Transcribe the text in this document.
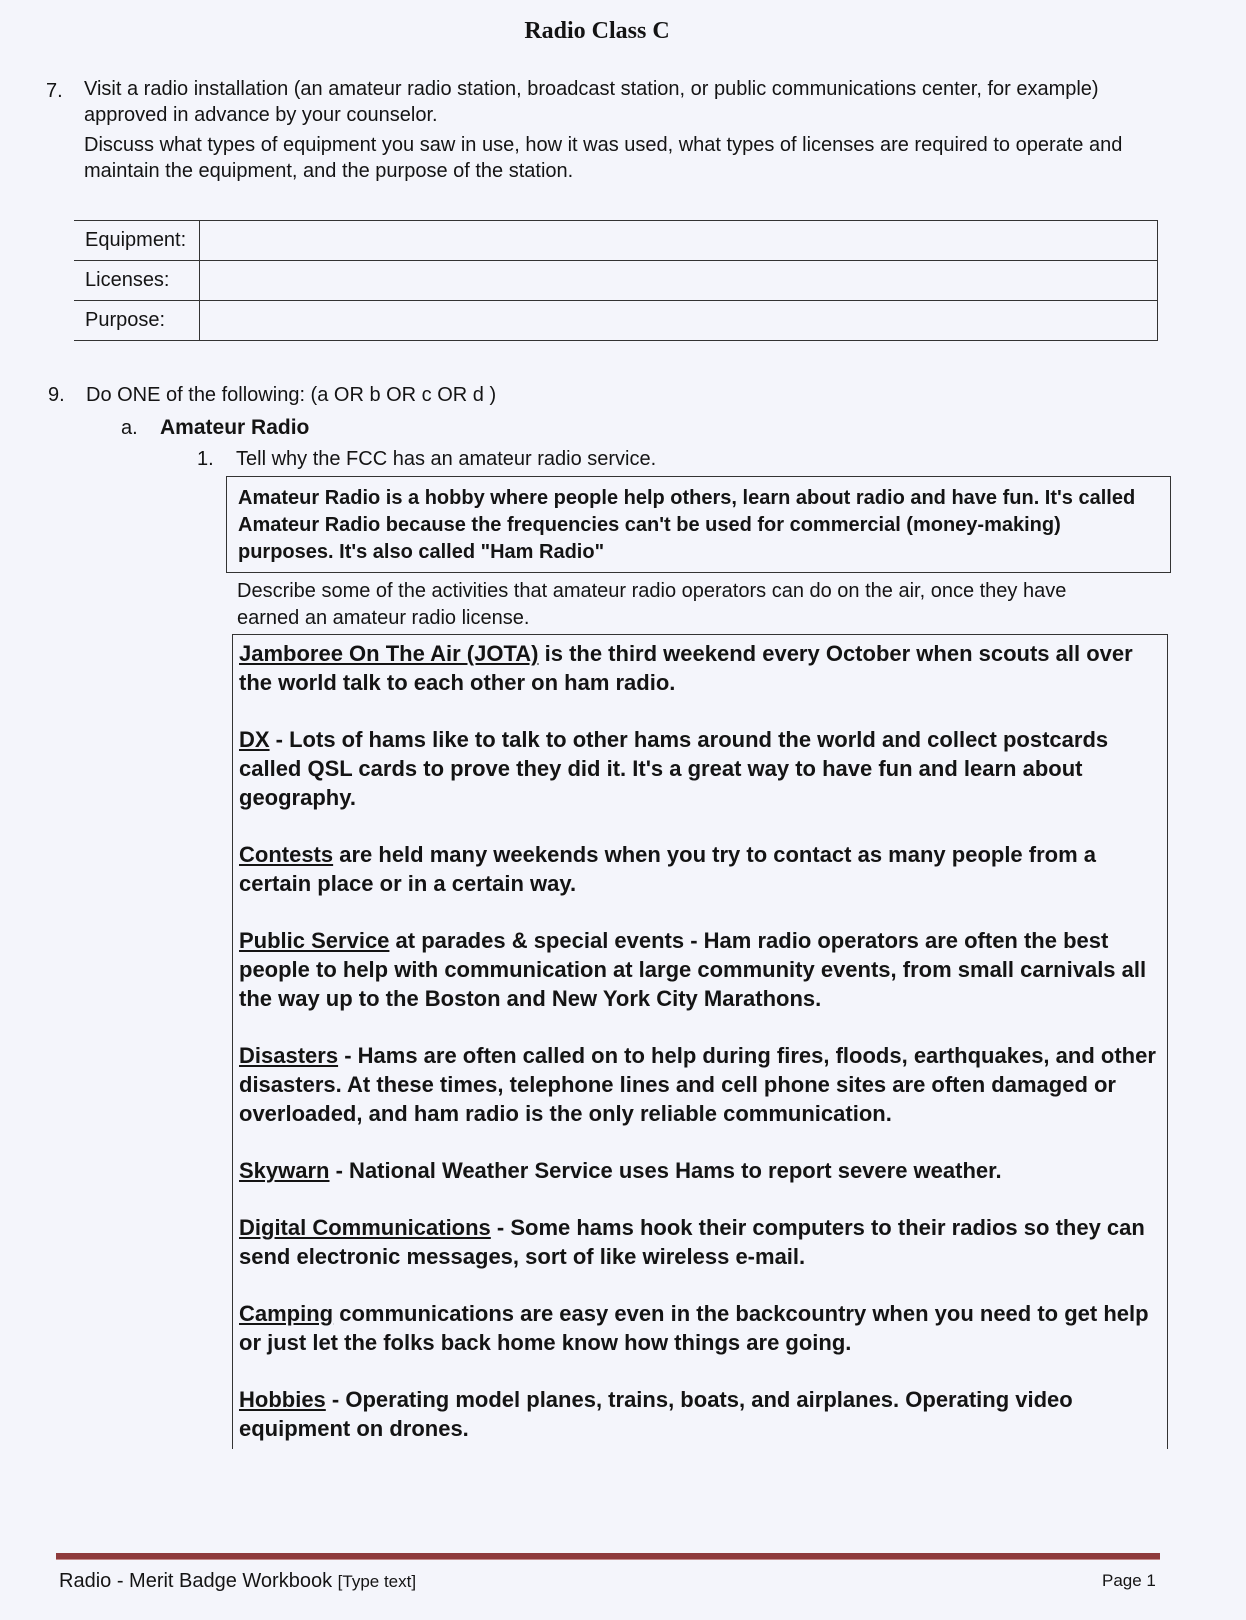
Radio Class C
7. Visit a radio installation (an amateur radio station, broadcast station, or public communications center, for example) approved in advance by your counselor.

Discuss what types of equipment you saw in use, how it was used, what types of licenses are required to operate and maintain the equipment, and the purpose of the station.

Equipment:	
Licenses:	
Purpose:	
9. Do ONE of the following: (a OR b OR c OR d )
a. Amateur Radio
1. Tell why the FCC has an amateur radio service.
Amateur Radio is a hobby where people help others, learn about radio and have fun. It's called Amateur Radio because the frequencies can't be used for commercial (money-making) purposes. It's also called "Ham Radio"
Describe some of the activities that amateur radio operators can do on the air, once they have earned an amateur radio license.
Jamboree On The Air (JOTA) is the third weekend every October when scouts all over the world talk to each other on ham radio.
DX - Lots of hams like to talk to other hams around the world and collect postcards called QSL cards to prove they did it. It's a great way to have fun and learn about geography.
Contests are held many weekends when you try to contact as many people from a certain place or in a certain way.
Public Service at parades & special events - Ham radio operators are often the best people to help with communication at large community events, from small carnivals all the way up to the Boston and New York City Marathons.
Disasters - Hams are often called on to help during fires, floods, earthquakes, and other disasters. At these times, telephone lines and cell phone sites are often damaged or overloaded, and ham radio is the only reliable communication.
Skywarn - National Weather Service uses Hams to report severe weather.
Digital Communications - Some hams hook their computers to their radios so they can send electronic messages, sort of like wireless e-mail.
Camping communications are easy even in the backcountry when you need to get help or just let the folks back home know how things are going.
Hobbies - Operating model planes, trains, boats, and airplanes. Operating video equipment on drones.
Radio - Merit Badge Workbook [Type text]	Page 1
